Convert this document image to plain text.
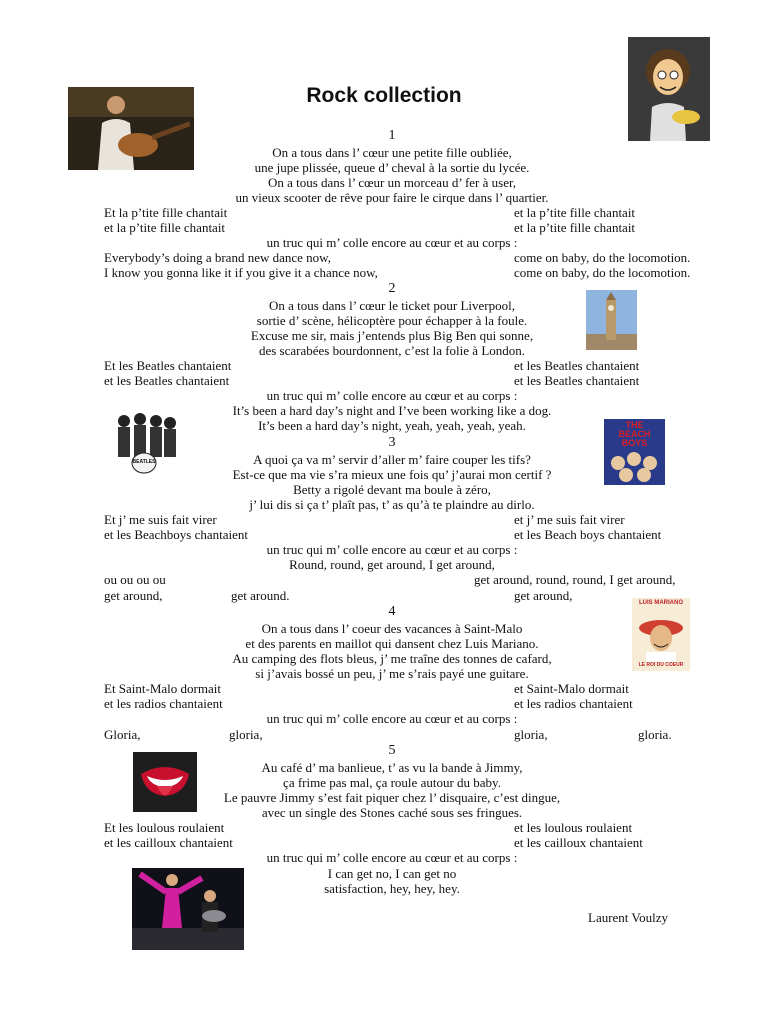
Rock collection
1
On a tous dans l’ cœur une petite fille oubliée,
une jupe plissée, queue d’ cheval à la sortie du lycée.
On a tous dans l’ cœur un morceau d’ fer à user,
un vieux scooter de rêve pour faire le cirque dans l’ quartier.
Et la p’tite fille chantait	et la p’tite fille chantait
et la p’tite fille chantait	et la p’tite fille chantait
un truc qui m’ colle encore au cœur et au corps :
Everybody’s doing a brand new dance now,	come on baby, do the locomotion.
I know you gonna like it if you give it a chance now,	come on baby, do the locomotion.
2
On a tous dans l’ cœur le ticket pour Liverpool,
sortie d’ scène, hélicoptère pour échapper à la foule.
Excuse me sir, mais j’entends plus Big Ben qui sonne,
des scarabées bourdonnent, c’est la folie à London.
Et les Beatles chantaient	et les Beatles chantaient
et les Beatles chantaient	et les Beatles chantaient
un truc qui m’ colle encore au cœur et au corps :
It’s been a hard day’s night and I’ve been working like a dog.
It’s been a hard day’s night, yeah, yeah, yeah, yeah.
3
A quoi ça va m’ servir d’aller m’ faire couper les tifs?
Est-ce que ma vie s’ra mieux une fois qu’ j’aurai mon certif ?
Betty a rigolé devant ma boule à zéro,
j’ lui dis si ça t’ plaît pas, t’ as qu’à te plaindre au dirlo.
Et j’ me suis fait virer	et j’ me suis fait virer
et les Beachboys chantaient	et les Beach boys chantaient
un truc qui m’ colle encore au cœur et au corps :
Round, round, get around, I get around,
ou ou ou ou	get around, round, round, I get around,
get around,	get around.	get around,
4
On a tous dans l’ coeur des vacances à Saint-Malo
et des parents en maillot qui dansent chez Luis Mariano.
Au camping des flots bleus, j’ me traîne des tonnes de cafard,
si j’avais bossé un peu, j’ me s’rais payé une guitare.
Et Saint-Malo dormait	et Saint-Malo dormait
et les radios chantaient	et les radios chantaient
un truc qui m’ colle encore au cœur et au corps :
Gloria,	gloria,	gloria,	gloria.
5
Au café d’ ma banlieue, t’ as vu la bande à Jimmy,
ça frime pas mal, ça roule autour du baby.
Le pauvre Jimmy s’est fait piquer chez l’ disquaire, c’est dingue,
avec un single des Stones caché sous ses fringues.
Et les loulous roulaient	et les loulous roulaient
et les cailloux chantaient	et les cailloux chantaient
un truc qui m’ colle encore au cœur et au corps :
I can get no, I can get no
satisfaction, hey, hey, hey.
Laurent Voulzy
BEATLES
THE
BEACH
BOYS
LUIS MARIANO
LE ROI DU COEUR
